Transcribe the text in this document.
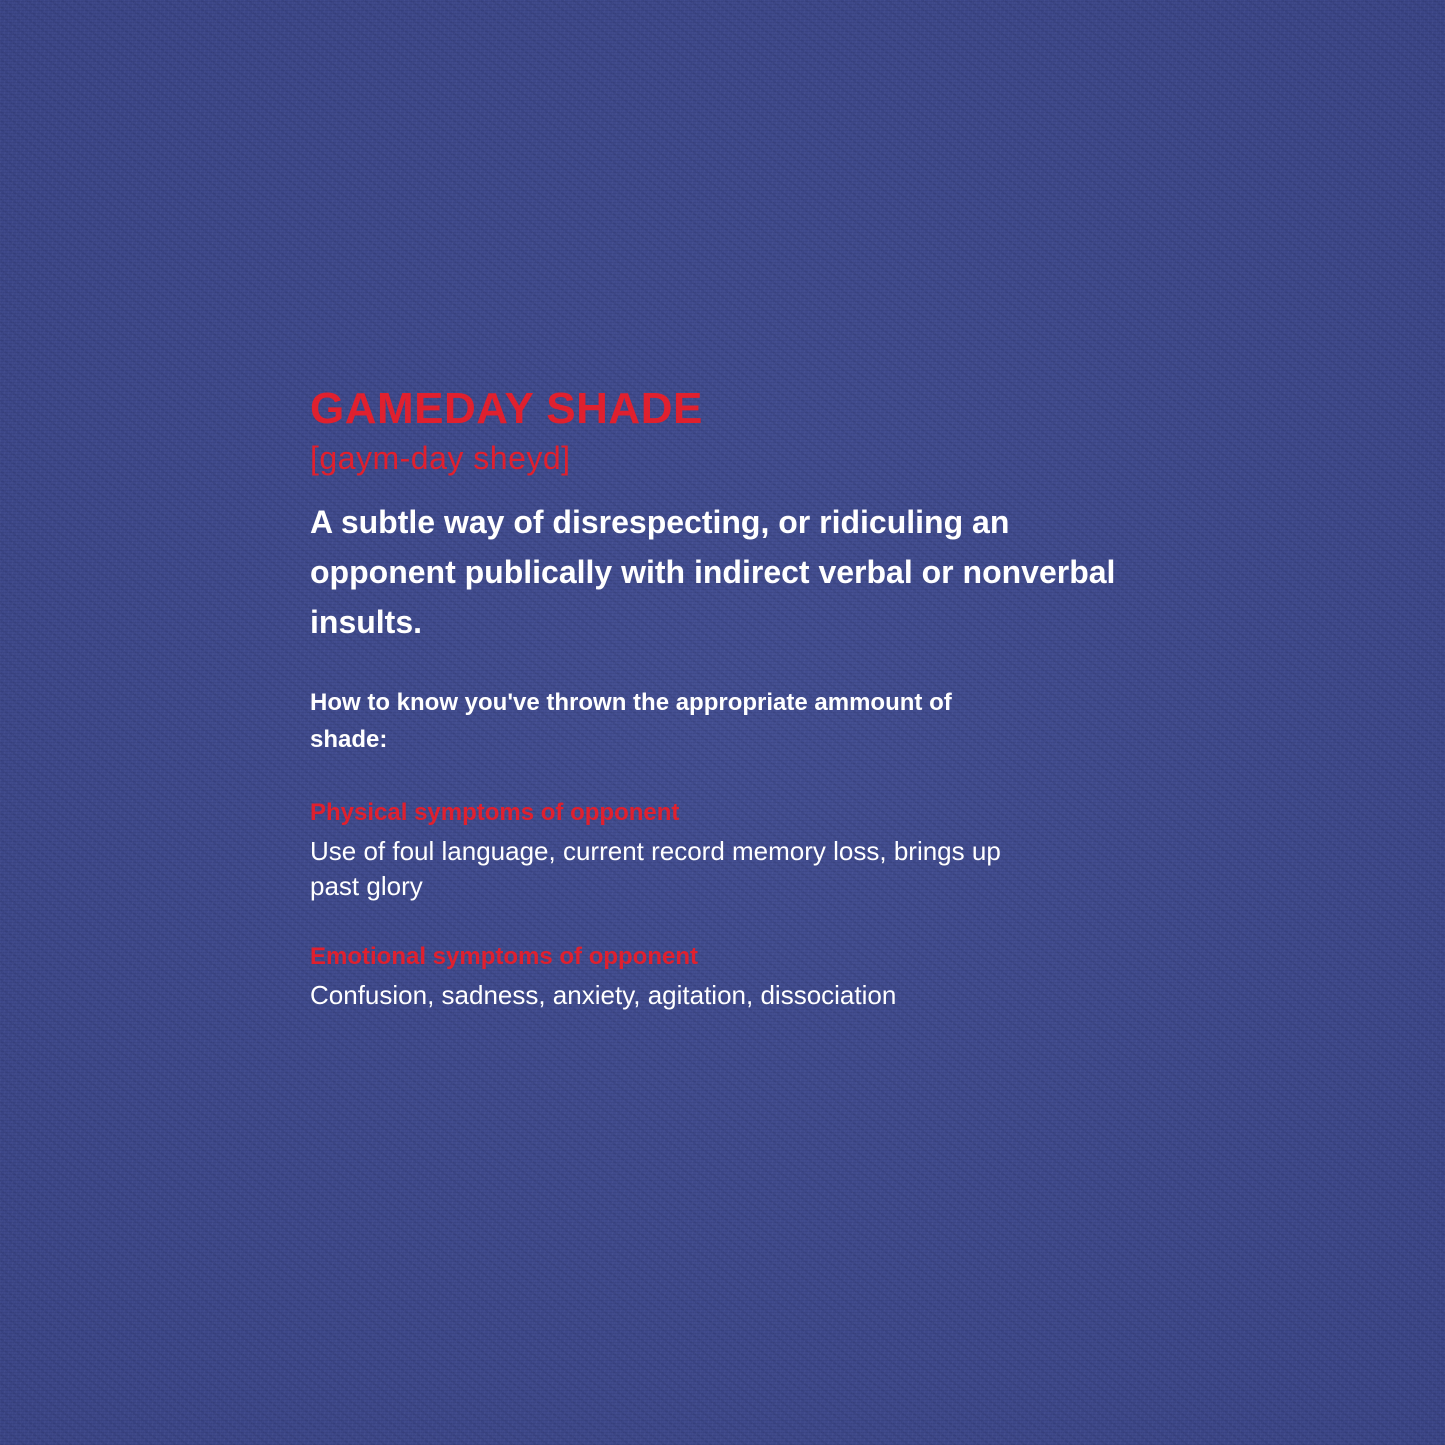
GAMEDAY SHADE
[gaym-day sheyd]

A subtle way of disrespecting, or ridiculing an opponent publically with indirect verbal or nonverbal insults.

How to know you've thrown the appropriate ammount of shade:

Physical symptoms of opponent
Use of foul language, current record memory loss, brings up past glory
Emotional symptoms of opponent
Confusion, sadness, anxiety, agitation, dissociation
